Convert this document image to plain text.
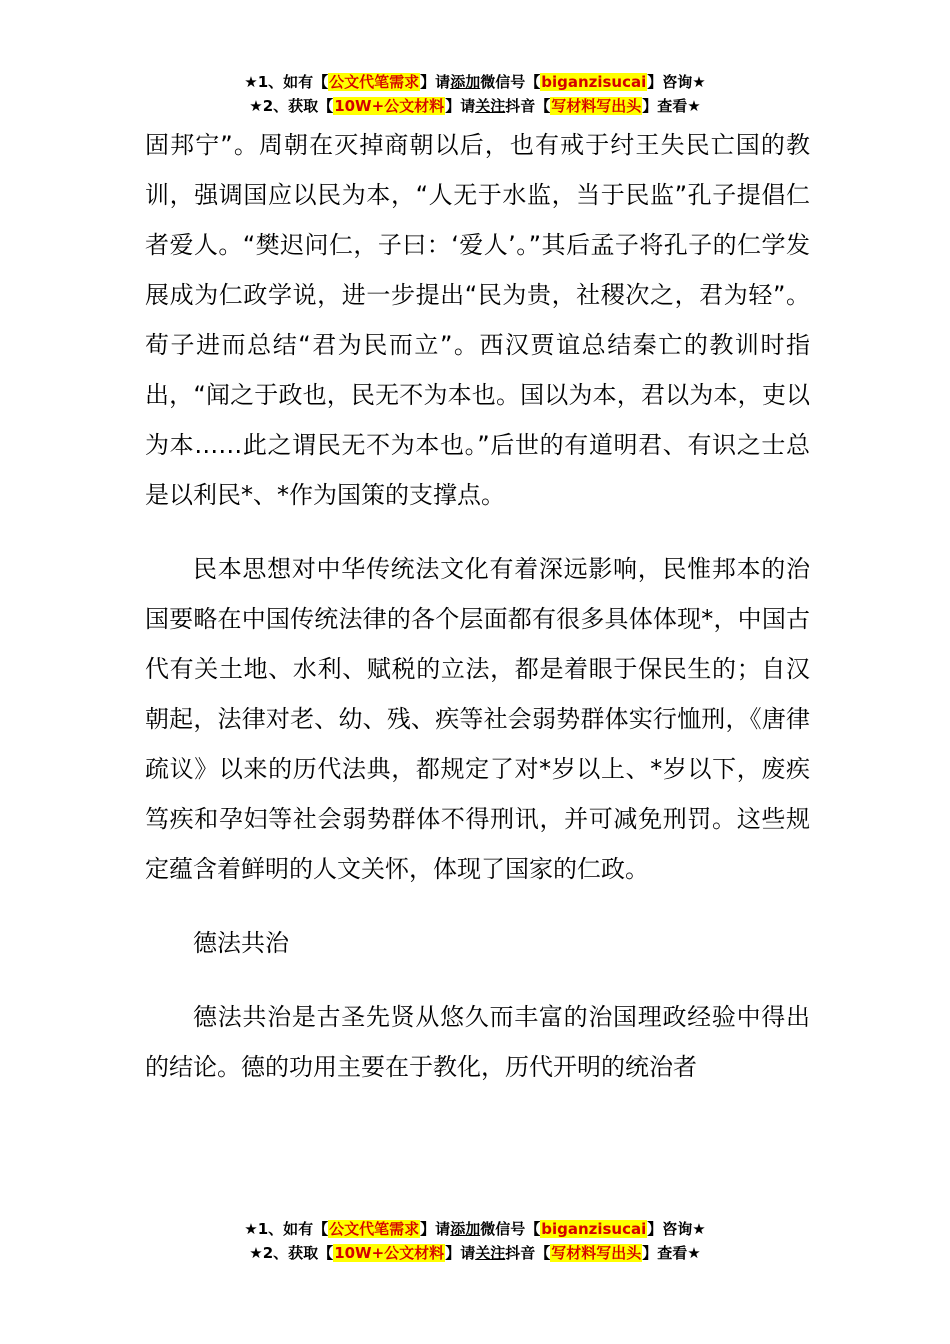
★1、如有【公文代笔需求】请添加微信号【biganzisucai】咨询★
★2、获取【10W+公文材料】请关注抖音【写材料写出头】查看★

固邦宁”。周朝在灭掉商朝以后，也有戒于纣王失民亡国的教训，强调国应以民为本，“人无于水监，当于民监”孔子提倡仁者爱人。“樊迟问仁，子曰：‘爱人’。”其后孟子将孔子的仁学发展成为仁政学说，进一步提出“民为贵，社稷次之，君为轻”。荀子进而总结“君为民而立”。西汉贾谊总结秦亡的教训时指出，“闻之于政也，民无不为本也。国以为本，君以为本，吏以为本……此之谓民无不为本也。”后世的有道明君、有识之士总是以利民*、*作为国策的支撑点。

民本思想对中华传统法文化有着深远影响，民惟邦本的治国要略在中国传统法律的各个层面都有很多具体体现*，中国古代有关土地、水利、赋税的立法，都是着眼于保民生的；自汉朝起，法律对老、幼、残、疾等社会弱势群体实行恤刑，《唐律疏议》以来的历代法典，都规定了对*岁以上、*岁以下，废疾笃疾和孕妇等社会弱势群体不得刑讯，并可减免刑罚。这些规定蕴含着鲜明的人文关怀，体现了国家的仁政。

德法共治

德法共治是古圣先贤从悠久而丰富的治国理政经验中得出的结论。德的功用主要在于教化，历代开明的统治者

★1、如有【公文代笔需求】请添加微信号【biganzisucai】咨询★
★2、获取【10W+公文材料】请关注抖音【写材料写出头】查看★
